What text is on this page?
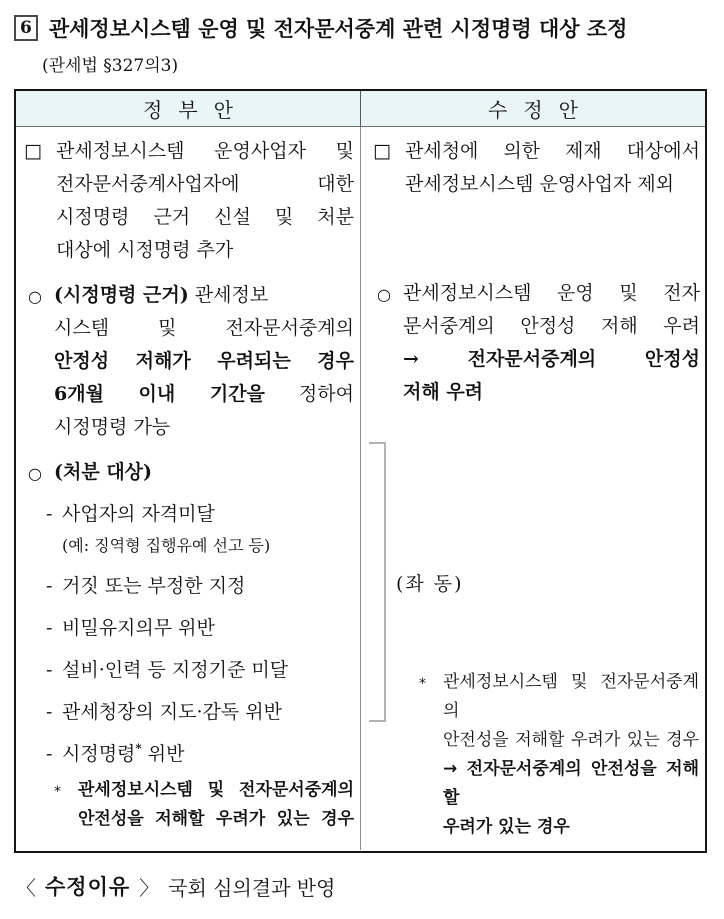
6 관세정보시스템 운영 및 전자문서중계 관련 시정명령 대상 조정
(관세법 §327의3)
정부안	수정안
□ 관세정보시스템 운영사업자 및
전자문서중계사업자에 대한
시정명령 근거 신설 및 처분
대상에 시정명령 추가
○ (시정명령 근거) 관세정보
시스템 및 전자문서중계의
안정성 저해가 우려되는 경우
6개월 이내 기간을 정하여
시정명령 가능
○ (처분 대상)
- 사업자의 자격미달
(예: 징역형 집행유예 선고 등)
- 거짓 또는 부정한 지정
- 비밀유지의무 위반
- 설비·인력 등 지정기준 미달
- 관세청장의 지도·감독 위반
- 시정명령* 위반
* 관세정보시스템 및 전자문서중계의
안전성을 저해할 우려가 있는 경우
□ 관세청에 의한 제재 대상에서
관세정보시스템 운영사업자 제외
○ 관세정보시스템 운영 및 전자
문서중계의 안정성 저해 우려
→ 전자문서중계의 안정성
저해 우려
(좌 동)
* 관세정보시스템 및 전자문서중계의
안전성을 저해할 우려가 있는 경우
→ 전자문서중계의 안전성을 저해할
우려가 있는 경우
〈 수정이유 〉 국회 심의결과 반영
